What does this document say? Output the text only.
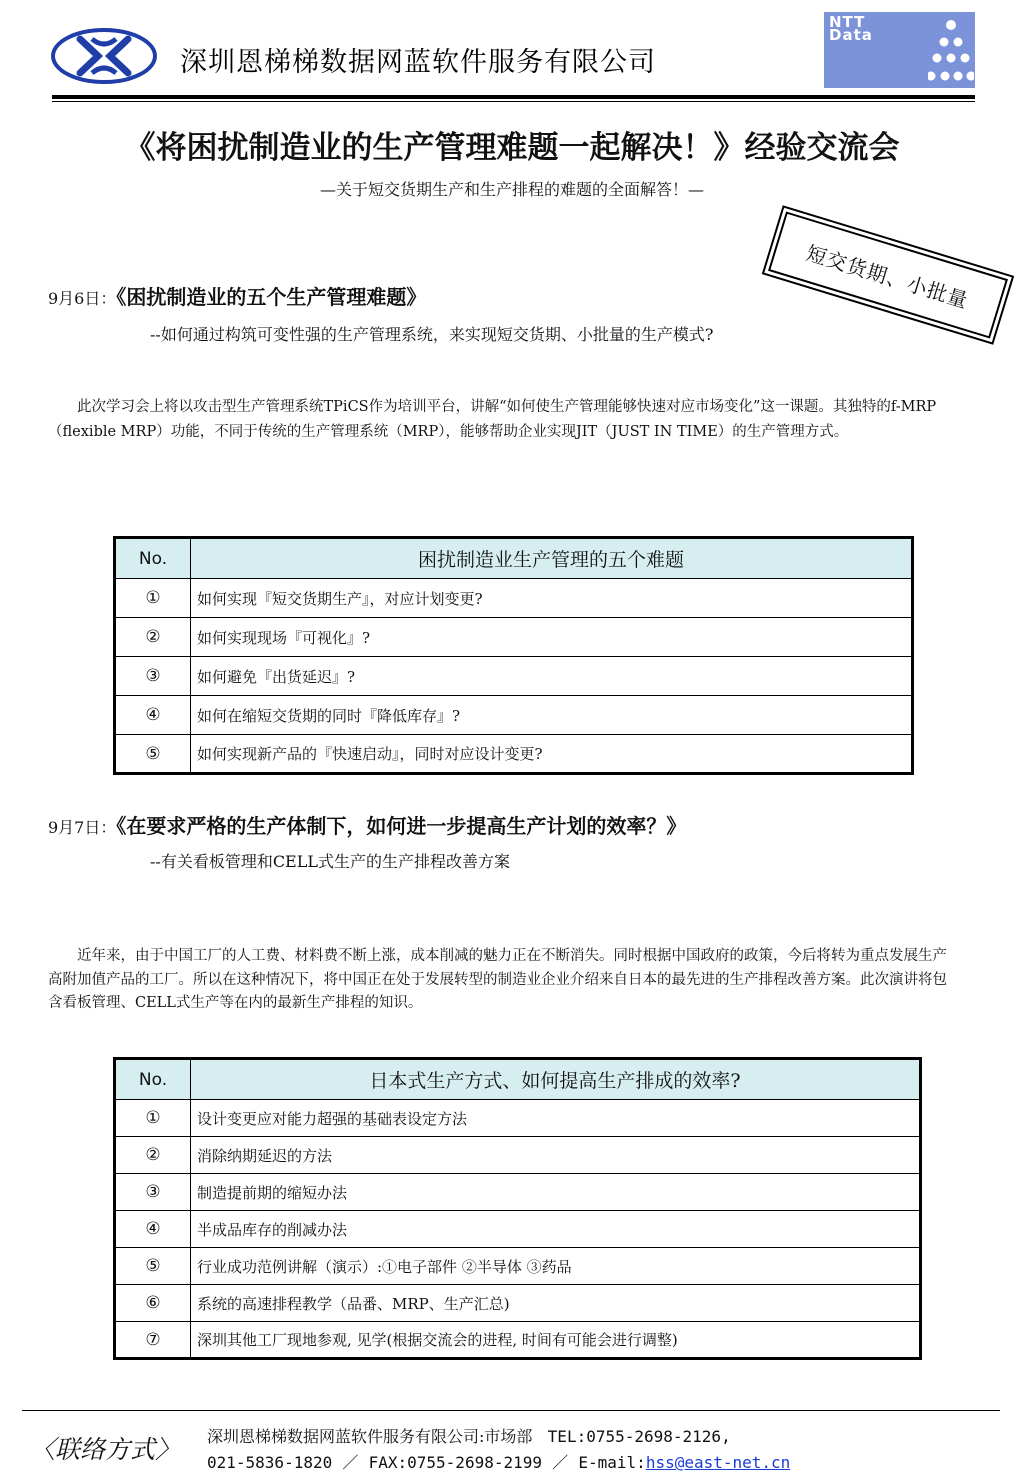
深圳恩梯梯数据网蓝软件服务有限公司
NTT
Data
《将困扰制造业的生产管理难题一起解决！》经验交流会
—关于短交货期生产和生产排程的难题的全面解答！—
短交货期、小批量
9月6日：《困扰制造业的五个生产管理难题》
--如何通过构筑可变性强的生产管理系统，来实现短交货期、小批量的生产模式?
此次学习会上将以攻击型生产管理系统TPiCS作为培训平台，讲解“如何使生产管理能够快速对应市场变化”这一课题。其独特的f-MRP（flexible MRP）功能，不同于传统的生产管理系统（MRP），能够帮助企业实现JIT（JUST IN TIME）的生产管理方式。
No.	困扰制造业生产管理的五个难题
①	如何实现『短交货期生产』，对应计划变更?
②	如何实现现场『可视化』?
③	如何避免『出货延迟』?
④	如何在缩短交货期的同时『降低库存』?
⑤	如何实现新产品的『快速启动』，同时对应设计变更?
9月7日：《在要求严格的生产体制下，如何进一步提高生产计划的效率？》
--有关看板管理和CELL式生产的生产排程改善方案
近年来，由于中国工厂的人工费、材料费不断上涨，成本削减的魅力正在不断消失。同时根据中国政府的政策，今后将转为重点发展生产高附加值产品的工厂。所以在这种情况下，将中国正在处于发展转型的制造业企业介绍来自日本的最先进的生产排程改善方案。此次演讲将包含看板管理、CELL式生产等在内的最新生产排程的知识。
No.	日本式生产方式、如何提高生产排成的效率?
①	设计变更应对能力超强的基础表设定方法
②	消除纳期延迟的方法
③	制造提前期的缩短办法
④	半成品库存的削减办法
⑤	行业成功范例讲解（演示）:①电子部件 ②半导体 ③药品
⑥	系统的高速排程教学（品番、MRP、生产汇总)
⑦	深圳其他工厂现地参观, 见学(根据交流会的进程, 时间有可能会进行调整)
〈联络方式〉 深圳恩梯梯数据网蓝软件服务有限公司:市场部 TEL:0755-2698-2126,
021-5836-1820  ／  FAX:0755-2698-2199  ／  E-mail:hss@east-net.cn
